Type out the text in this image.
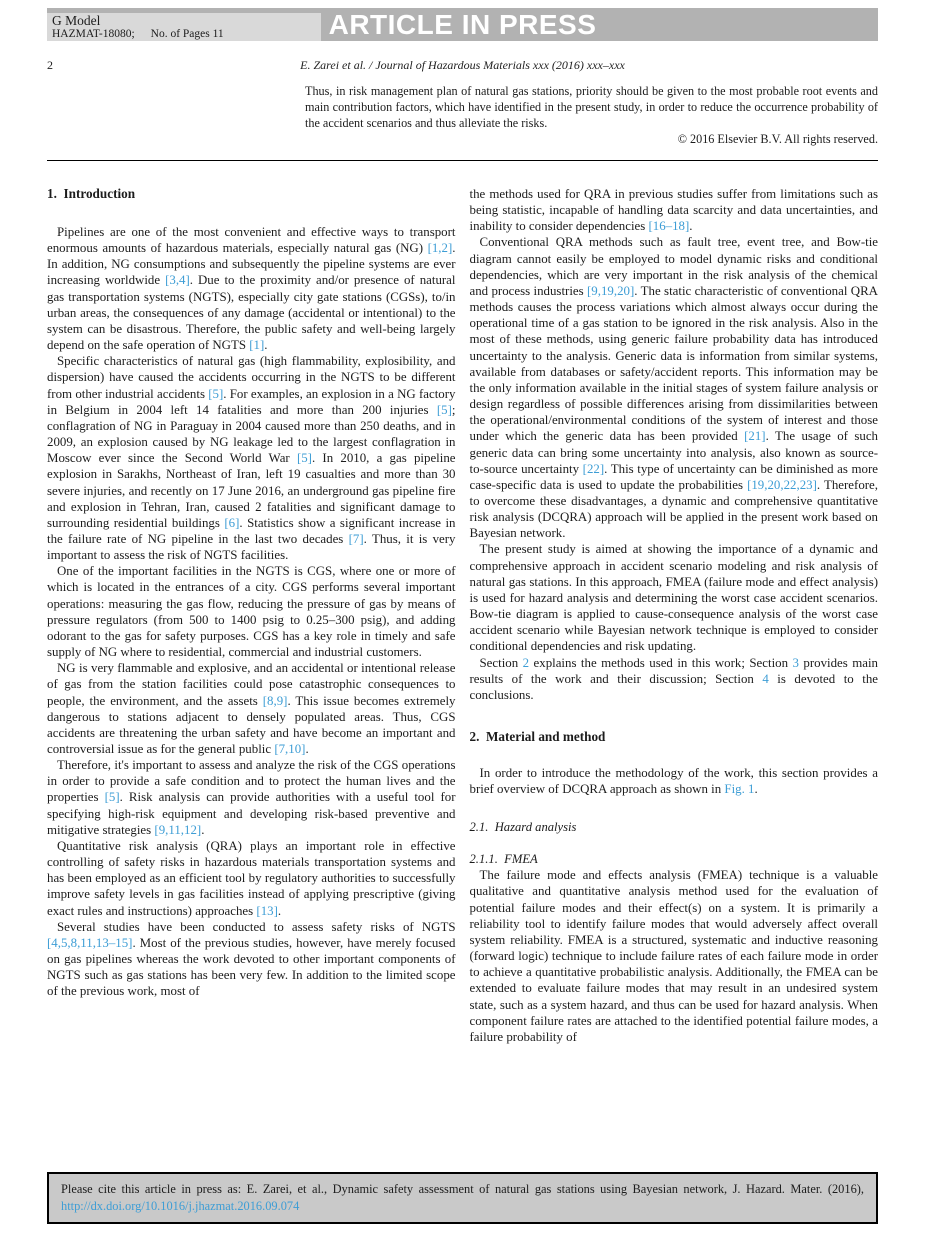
ARTICLE IN PRESS
G Model
HAZMAT-18080; No. of Pages 11
2	E. Zarei et al. / Journal of Hazardous Materials xxx (2016) xxx–xxx
Thus, in risk management plan of natural gas stations, priority should be given to the most probable root events and main contribution factors, which have identified in the present study, in order to reduce the occurrence probability of the accident scenarios and thus alleviate the risks.
© 2016 Elsevier B.V. All rights reserved.
1.  Introduction

Pipelines are one of the most convenient and effective ways to transport enormous amounts of hazardous materials, especially natural gas (NG) [1,2]. In addition, NG consumptions and subsequently the pipeline systems are ever increasing worldwide [3,4]. Due to the proximity and/or presence of natural gas transportation systems (NGTS), especially city gate stations (CGSs), to/in urban areas, the consequences of any damage (accidental or intentional) to the system can be disastrous. Therefore, the public safety and well-being largely depend on the safe operation of NGTS [1].

Specific characteristics of natural gas (high flammability, explosibility, and dispersion) have caused the accidents occurring in the NGTS to be different from other industrial accidents [5]. For examples, an explosion in a NG factory in Belgium in 2004 left 14 fatalities and more than 200 injuries [5]; conflagration of NG in Paraguay in 2004 caused more than 250 deaths, and in 2009, an explosion caused by NG leakage led to the largest conflagration in Moscow ever since the Second World War [5]. In 2010, a gas pipeline explosion in Sarakhs, Northeast of Iran, left 19 casualties and more than 30 severe injuries, and recently on 17 June 2016, an underground gas pipeline fire and explosion in Tehran, Iran, caused 2 fatalities and significant damage to surrounding residential buildings [6]. Statistics show a significant increase in the failure rate of NG pipeline in the last two decades [7]. Thus, it is very important to assess the risk of NGTS facilities.

One of the important facilities in the NGTS is CGS, where one or more of which is located in the entrances of a city. CGS performs several important operations: measuring the gas flow, reducing the pressure of gas by means of pressure regulators (from 500 to 1400 psig to 0.25–300 psig), and adding odorant to the gas for safety purposes. CGS has a key role in timely and safe supply of NG where to residential, commercial and industrial customers.

NG is very flammable and explosive, and an accidental or intentional release of gas from the station facilities could pose catastrophic consequences to people, the environment, and the assets [8,9]. This issue becomes extremely dangerous to stations adjacent to densely populated areas. Thus, CGS accidents are threatening the urban safety and have become an important and controversial issue as for the general public [7,10].

Therefore, it's important to assess and analyze the risk of the CGS operations in order to provide a safe condition and to protect the human lives and the properties [5]. Risk analysis can provide authorities with a useful tool for specifying high-risk equipment and developing risk-based preventive and mitigative strategies [9,11,12].

Quantitative risk analysis (QRA) plays an important role in effective controlling of safety risks in hazardous materials transportation systems and has been employed as an efficient tool by regulatory authorities to successfully improve safety levels in gas facilities instead of applying prescriptive (giving exact rules and instructions) approaches [13].

Several studies have been conducted to assess safety risks of NGTS [4,5,8,11,13–15]. Most of the previous studies, however, have merely focused on gas pipelines whereas the work devoted to other important components of NGTS such as gas stations has been very few. In addition to the limited scope of the previous work, most of

the methods used for QRA in previous studies suffer from limitations such as being statistic, incapable of handling data scarcity and data uncertainties, and inability to consider dependencies [16–18].

Conventional QRA methods such as fault tree, event tree, and Bow-tie diagram cannot easily be employed to model dynamic risks and conditional dependencies, which are very important in the risk analysis of the chemical and process industries [9,19,20]. The static characteristic of conventional QRA methods causes the process variations which almost always occur during the operational time of a gas station to be ignored in the risk analysis. Also in the most of these methods, using generic failure probability data has introduced uncertainty to the analysis. Generic data is information from similar systems, available from databases or safety/accident reports. This information may be the only information available in the initial stages of system failure analysis or design regardless of possible differences arising from dissimilarities between the operational/environmental conditions of the system of interest and those under which the generic data has been provided [21]. The usage of such generic data can bring some uncertainty into analysis, also known as source-to-source uncertainty [22]. This type of uncertainty can be diminished as more case-specific data is used to update the probabilities [19,20,22,23]. Therefore, to overcome these disadvantages, a dynamic and comprehensive quantitative risk analysis (DCQRA) approach will be applied in the present work based on Bayesian network.

The present study is aimed at showing the importance of a dynamic and comprehensive approach in accident scenario modeling and risk analysis of natural gas stations. In this approach, FMEA (failure mode and effect analysis) is used for hazard analysis and determining the worst case accident scenarios. Bow-tie diagram is applied to cause-consequence analysis of the worst case accident scenario while Bayesian network technique is employed to consider conditional dependencies and risk updating.

Section 2 explains the methods used in this work; Section 3 provides main results of the work and their discussion; Section 4 is devoted to the conclusions.

2.  Material and method

In order to introduce the methodology of the work, this section provides a brief overview of DCQRA approach as shown in Fig. 1.

2.1.  Hazard analysis
2.1.1.  FMEA

The failure mode and effects analysis (FMEA) technique is a valuable qualitative and quantitative analysis method used for the evaluation of potential failure modes and their effect(s) on a system. It is primarily a reliability tool to identify failure modes that would adversely affect overall system reliability. FMEA is a structured, systematic and inductive reasoning (forward logic) technique to include failure rates of each failure mode in order to achieve a quantitative probabilistic analysis. Additionally, the FMEA can be extended to evaluate failure modes that may result in an undesired system state, such as a system hazard, and thus can be used for hazard analysis. When component failure rates are attached to the identified potential failure modes, a failure probability of

Please cite this article in press as: E. Zarei, et al., Dynamic safety assessment of natural gas stations using Bayesian network, J. Hazard. Mater. (2016), http://dx.doi.org/10.1016/j.jhazmat.2016.09.074
